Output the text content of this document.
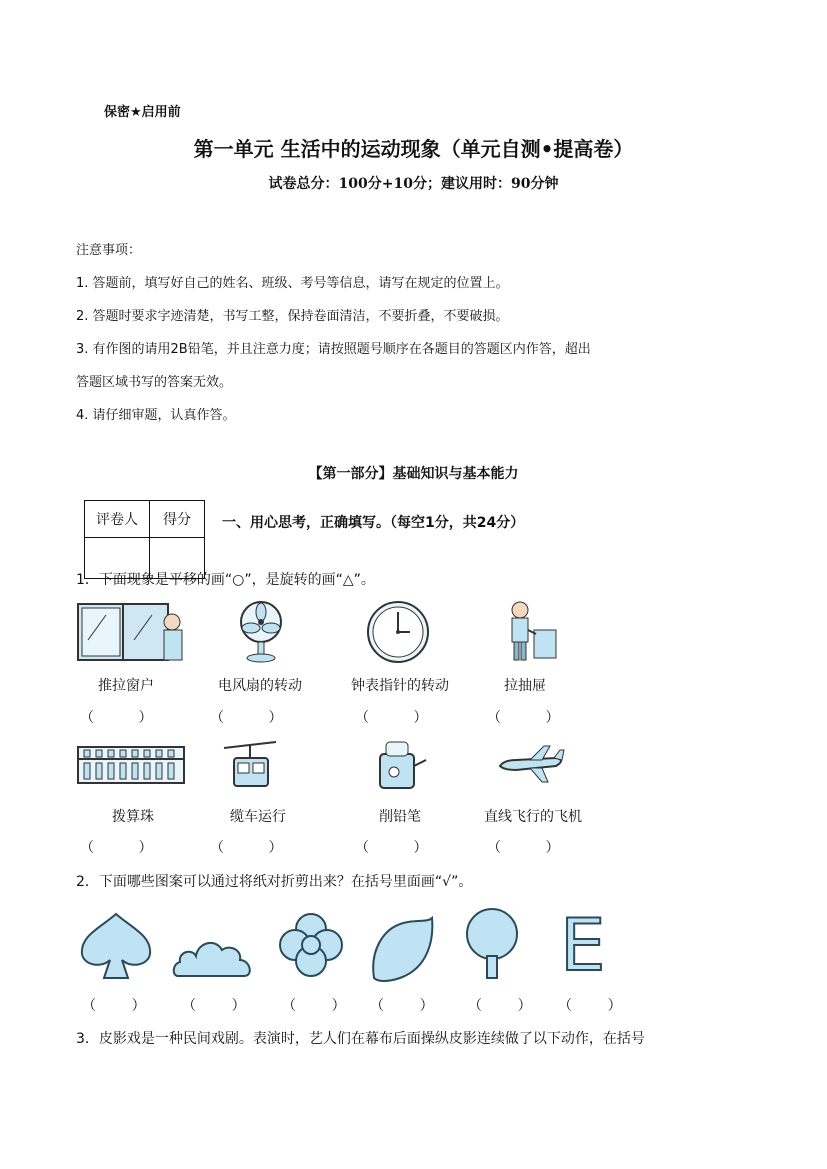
保密★启用前
第一单元 生活中的运动现象（单元自测•提高卷）
试卷总分：100分+10分；建议用时：90分钟

注意事项：

1. 答题前，填写好自己的姓名、班级、考号等信息，请写在规定的位置上。

2. 答题时要求字迹清楚，书写工整，保持卷面清洁，不要折叠，不要破损。

3. 有作图的请用2B铅笔，并且注意力度；请按照题号顺序在各题目的答题区内作答，超出

答题区域书写的答案无效。

4. 请仔细审题，认真作答。

【第一部分】基础知识与基本能力
评卷人	得分
	一、用心思考，正确填写。（每空1分，共24分）
1．下面现象是平移的画“○”，是旋转的画“△”。
推拉窗户	电风扇的转动	钟表指针的转动	拉抽屉
（          ）	（          ）	（          ）	（          ）
拨算珠	缆车运行	削铅笔	直线飞行的飞机
（          ）	（          ）	（          ）	（          ）
2．下面哪些图案可以通过将纸对折剪出来？在括号里面画“√”。
E
（        ）	（        ）	（        ） （        ） （        ） （        ）
3．皮影戏是一种民间戏剧。表演时，艺人们在幕布后面操纵皮影连续做了以下动作，在括号
